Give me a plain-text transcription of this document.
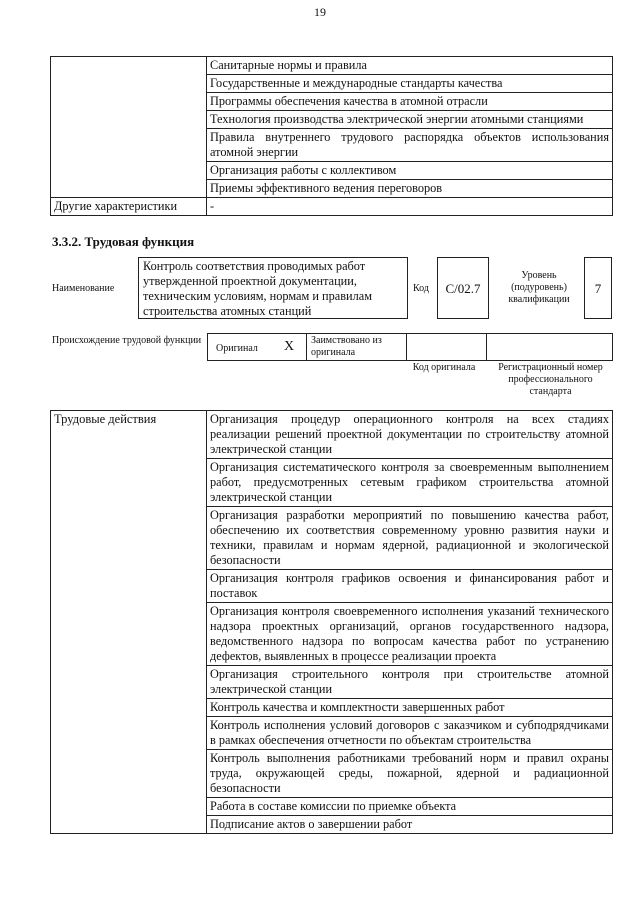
19
	Санитарные нормы и правила
	Государственные и международные стандарты качества
	Программы обеспечения качества в атомной отрасли
	Технология производства электрической энергии атомными станциями
	Правила внутреннего трудового распорядка объектов использования атомной энергии
	Организация работы с коллективом
	Приемы эффективного ведения переговоров
Другие характеристики	-
3.3.2. Трудовая функция
Наименование
Контроль соответствия проводимых работ утвержденной проектной документации, техническим условиям, нормам и правилам строительства атомных станций
Код	C/02.7
Уровень (подуровень) квалификации
7
Происхождение трудовой функции
Оригинал X Заимствовано из оригинала
Код оригинала	Регистрационный номер профессионального стандарта
Трудовые действия	Организация процедур операционного контроля на всех стадиях реализации решений проектной документации по строительству атомной электрической станции
Организация систематического контроля за своевременным выполнением работ, предусмотренных сетевым графиком строительства атомной электрической станции
Организация разработки мероприятий по повышению качества работ, обеспечению их соответствия современному уровню развития науки и техники, правилам и нормам ядерной, радиационной и экологической безопасности
Организация контроля графиков освоения и финансирования работ и поставок
Организация контроля своевременного исполнения указаний технического надзора проектных организаций, органов государственного надзора, ведомственного надзора по вопросам качества работ по устранению дефектов, выявленных в процессе реализации проекта
Организация строительного контроля при строительстве атомной электрической станции
Контроль качества и комплектности завершенных работ
Контроль исполнения условий договоров с заказчиком и субподрядчиками в рамках обеспечения отчетности по объектам строительства
Контроль выполнения работниками требований норм и правил охраны труда, окружающей среды, пожарной, ядерной и радиационной безопасности
Работа в составе комиссии по приемке объекта
Подписание актов о завершении работ
